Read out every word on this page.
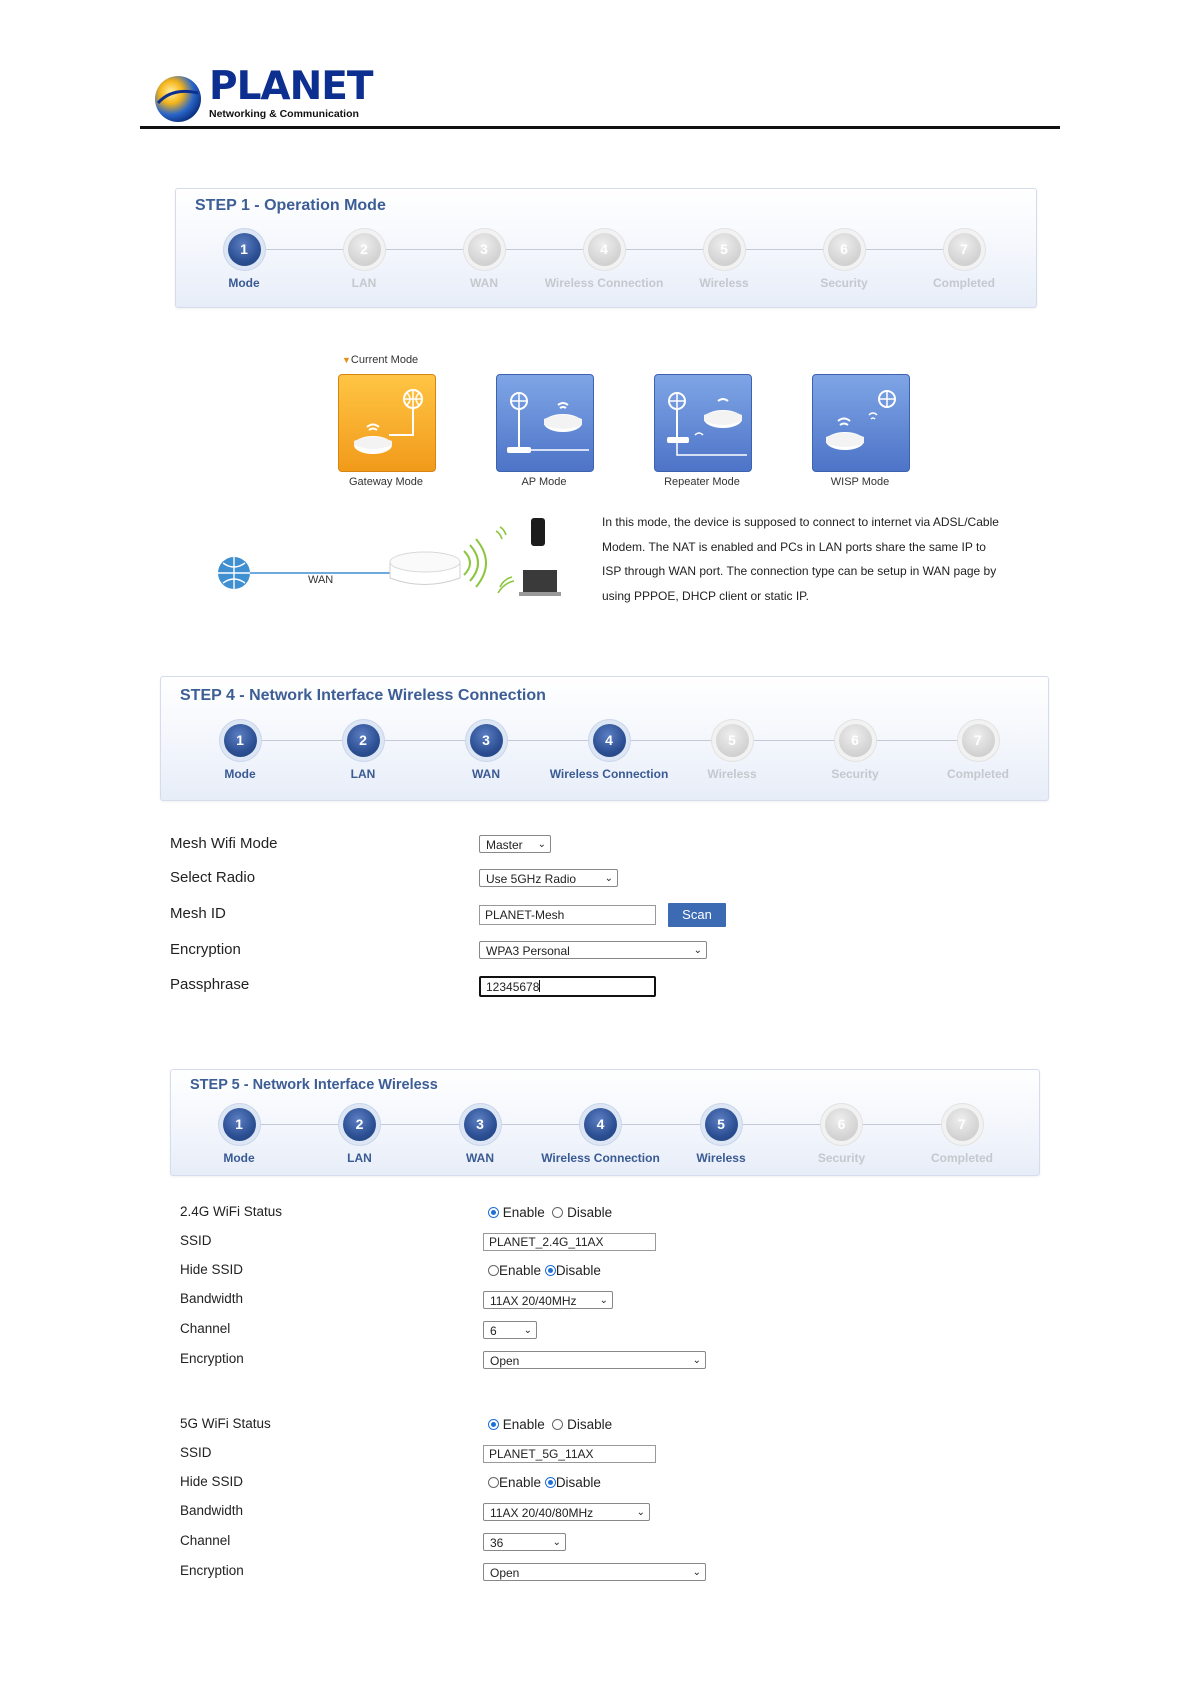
PLANET
Networking & Communication
STEP 1 - Operation Mode
1
Mode
2
LAN
3
WAN
4
Wireless Connection
5
Wireless
6
Security
7
Completed
▼Current Mode
Gateway Mode	AP Mode	Repeater Mode	WISP Mode
WAN
In this mode, the device is supposed to connect to internet via ADSL/Cable
Modem. The NAT is enabled and PCs in LAN ports share the same IP to
ISP through WAN port. The connection type can be setup in WAN page by
using PPPOE, DHCP client or static IP.
STEP 4 - Network Interface Wireless Connection
1
Mode
2
LAN
3
WAN
4
Wireless Connection
5
Wireless
6
Security
7
Completed
Mesh Wifi Mode	Master ⌄
Select Radio	Use 5GHz Radio	⌄
Mesh ID	PLANET-Mesh	Scan
Encryption	WPA3 Personal	⌄
Passphrase	12345678
STEP 5 - Network Interface Wireless
1
Mode
2
LAN
3
WAN
4
Wireless Connection
5
Wireless
6
Security
7
Completed
2.4G WiFi Status	Enable Disable
SSID	PLANET_2.4G_11AX
Hide SSID	Enable Disable
Bandwidth	11AX 20/40MHz ⌄
Channel	6	⌄
Encryption	Open	⌄
5G WiFi Status	Enable Disable
SSID	PLANET_5G_11AX
Hide SSID	Enable Disable
Bandwidth	11AX 20/40/80MHz	⌄
Channel	36	⌄
Encryption	Open	⌄
